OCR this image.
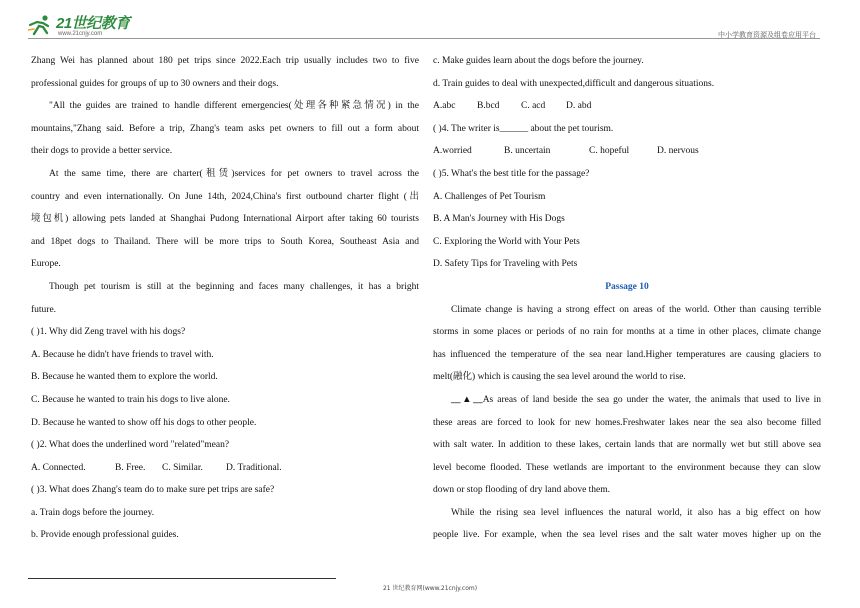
21世纪教育
www.21cnjy.com	中小学教育资源及组卷应用平台

Zhang Wei has planned about 180 pet trips since 2022.Each trip usually includes two to five

professional guides for groups of up to 30 owners and their dogs.

"All the guides are trained to handle different emergencies(处理各种紧急情况) in the

mountains,"Zhang said. Before a trip, Zhang's team asks pet owners to fill out a form about

their dogs to provide a better service.

At the same time, there are charter(租赁)services for pet owners to travel across the

country and even internationally. On June 14th, 2024,China's first outbound charter flight (出

境包机) allowing pets landed at Shanghai Pudong International Airport after taking 60 tourists

and 18pet dogs to Thailand. There will be more trips to South Korea, Southeast Asia and

Europe.

Though pet tourism is still at the beginning and faces many challenges, it has a bright

future.

( )1. Why did Zeng travel with his dogs?

A. Because he didn't have friends to travel with.

B. Because he wanted them to explore the world.

C. Because he wanted to train his dogs to live alone.

D. Because he wanted to show off his dogs to other people.

( )2. What does the underlined word "related"mean?

A. Connected.	B. Free. C. Similar. D. Traditional.

( )3. What does Zhang's team do to make sure pet trips are safe?

a. Train dogs before the journey.

b. Provide enough professional guides.

c. Make guides learn about the dogs before the journey.

d. Train guides to deal with unexpected,difficult and dangerous situations.

A.abc B.bcd C. acd D. abd

( )4. The writer is______ about the pet tourism.

A.worried	B. uncertain	C. hopeful	D. nervous

( )5. What's the best title for the passage?

A. Challenges of Pet Tourism

B. A Man's Journey with His Dogs

C. Exploring the World with Your Pets

D. Safety Tips for Traveling with Pets

Passage 10

Climate change is having a strong effect on areas of the world. Other than causing terrible

storms in some places or periods of no rain for months at a time in other places, climate change

has influenced the temperature of the sea near land.Higher temperatures are causing glaciers to

melt(融化) which is causing the sea level around the world to rise.

__▲__As areas of land beside the sea go under the water, the animals that used to live in

these areas are forced to look for new homes.Freshwater lakes near the sea also become filled

with salt water. In addition to these lakes, certain lands that are normally wet but still above sea

level become flooded. These wetlands are important to the environment because they can slow

down or stop flooding of dry land above them.

While the rising sea level influences the natural world, it also has a big effect on how

people live. For example, when the sea level rises and the salt water moves higher up on the

21 世纪教育网(www.21cnjy.com)
